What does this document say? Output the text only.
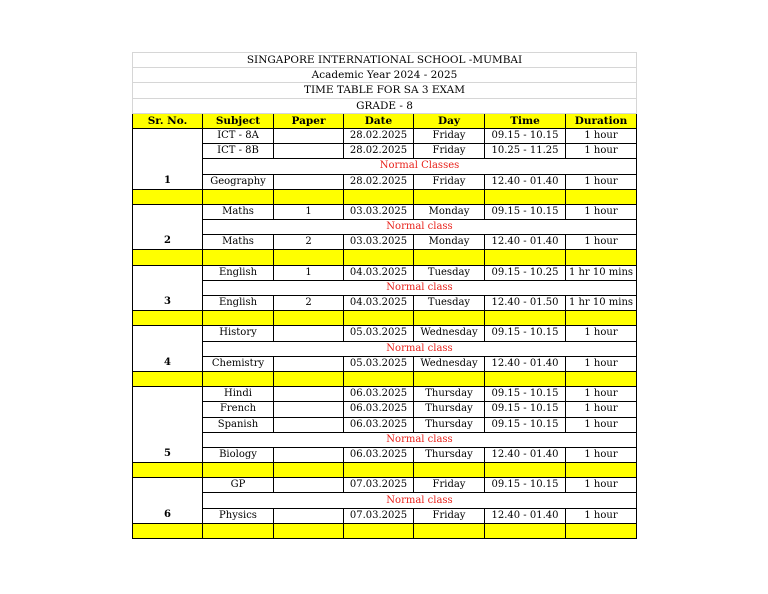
SINGAPORE INTERNATIONAL SCHOOL -MUMBAI						
Academic Year 2024 - 2025						
TIME TABLE FOR SA 3 EXAM						
GRADE - 8						
Sr. No.	Subject	Paper	Date	Day	Time	Duration
1	ICT - 8A		28.02.2025	Friday	09.15 - 10.15	1 hour
	ICT - 8B		28.02.2025	Friday	10.25 - 11.25	1 hour
	Normal Classes					
	Geography		28.02.2025	Friday	12.40 - 01.40	1 hour

2	Maths	1	03.03.2025	Monday	09.15 - 10.15	1 hour
	Normal class					
	Maths	2	03.03.2025	Monday	12.40 - 01.40	1 hour

3	English	1	04.03.2025	Tuesday	09.15 - 10.25	1 hr 10 mins
	Normal class					
	English	2	04.03.2025	Tuesday	12.40 - 01.50	1 hr 10 mins

4	History		05.03.2025	Wednesday	09.15 - 10.15	1 hour
	Normal class					
	Chemistry		05.03.2025	Wednesday	12.40 - 01.40	1 hour

5	Hindi		06.03.2025	Thursday	09.15 - 10.15	1 hour
	French		06.03.2025	Thursday	09.15 - 10.15	1 hour
	Spanish		06.03.2025	Thursday	09.15 - 10.15	1 hour
	Normal class					
	Biology		06.03.2025	Thursday	12.40 - 01.40	1 hour

6	GP		07.03.2025	Friday	09.15 - 10.15	1 hour
	Normal class					
	Physics		07.03.2025	Friday	12.40 - 01.40	1 hour
